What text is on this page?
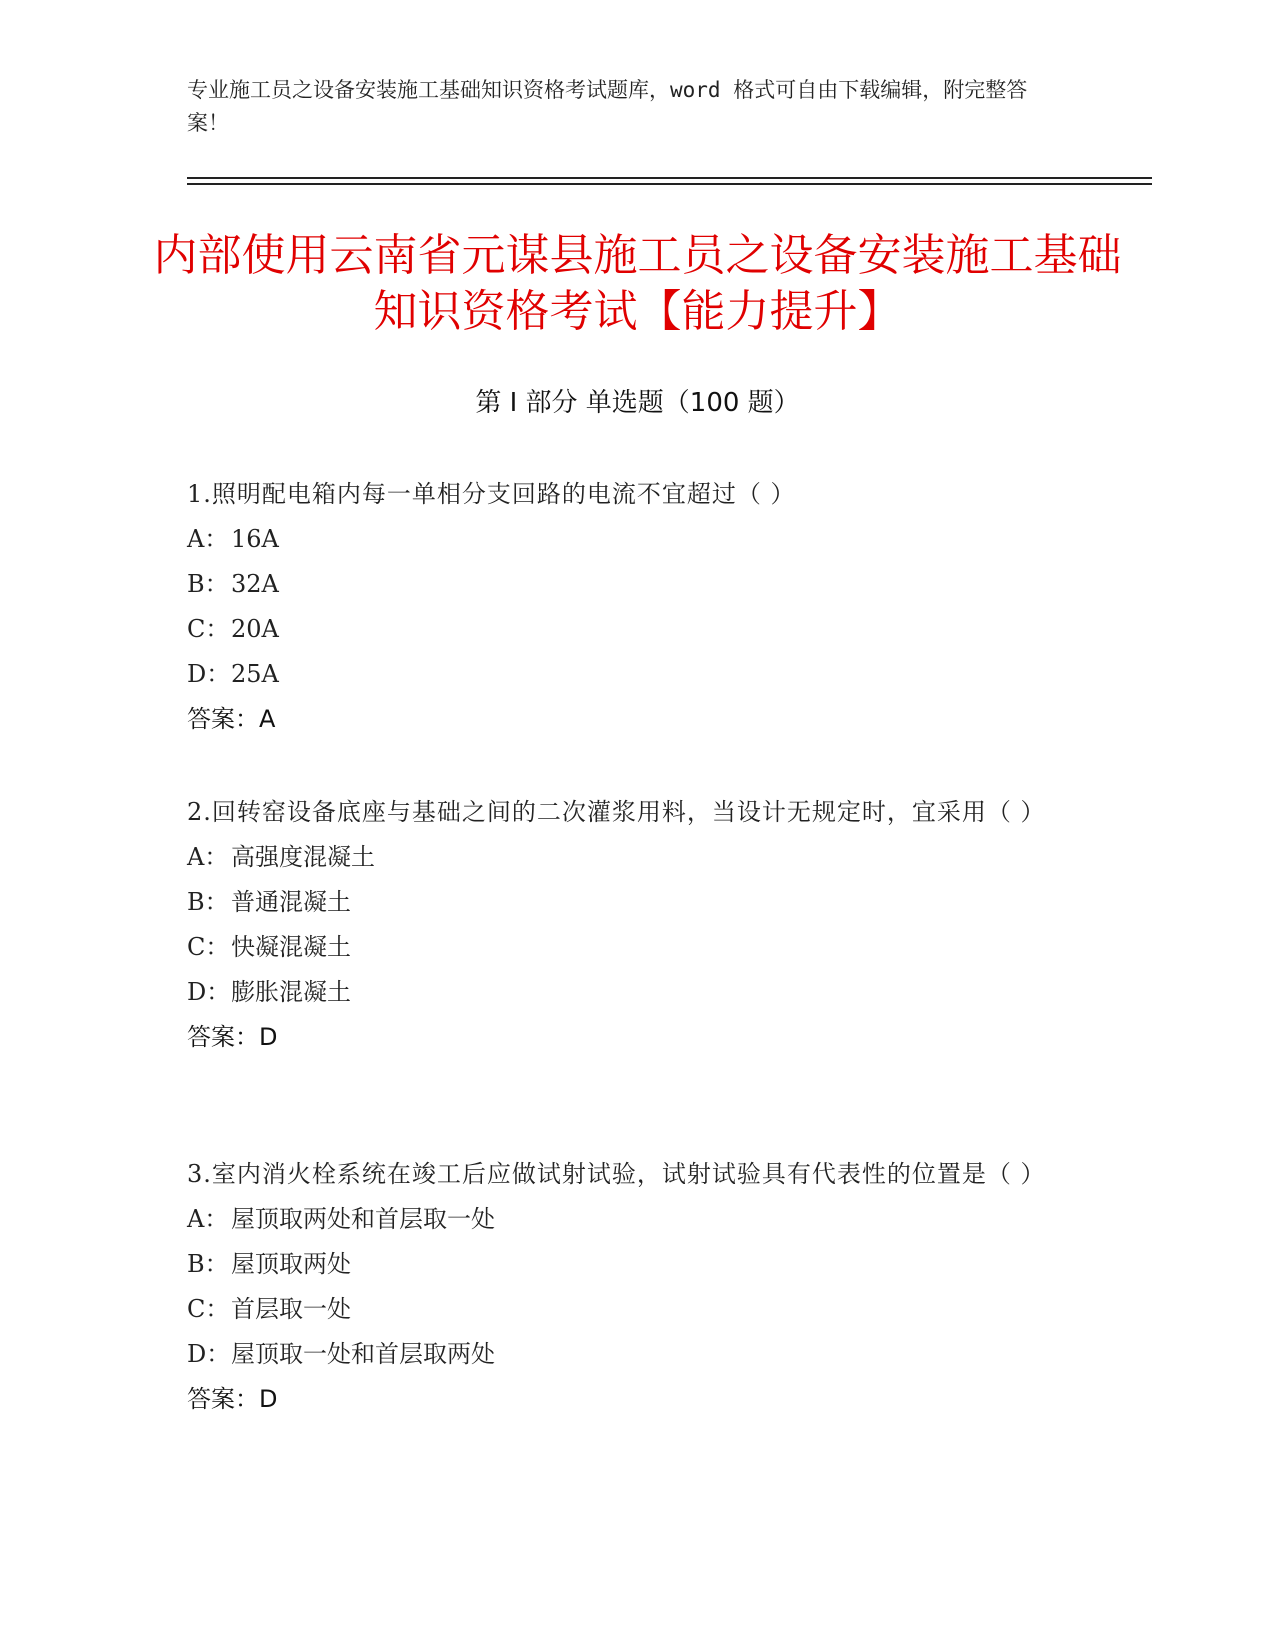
专业施工员之设备安装施工基础知识资格考试题库，word 格式可自由下载编辑，附完整答案！
内部使用云南省元谋县施工员之设备安装施工基础知识资格考试【能力提升】
第 I 部分 单选题（100 题）
1.照明配电箱内每一单相分支回路的电流不宜超过（ ）
A： 16A
B： 32A
C： 20A
D： 25A
答案：A
2.回转窑设备底座与基础之间的二次灌浆用料，当设计无规定时，宜采用（ ）
A： 高强度混凝土
B： 普通混凝土
C： 快凝混凝土
D： 膨胀混凝土
答案：D
3.室内消火栓系统在竣工后应做试射试验，试射试验具有代表性的位置是（ ）
A： 屋顶取两处和首层取一处
B： 屋顶取两处
C： 首层取一处
D： 屋顶取一处和首层取两处
答案：D
